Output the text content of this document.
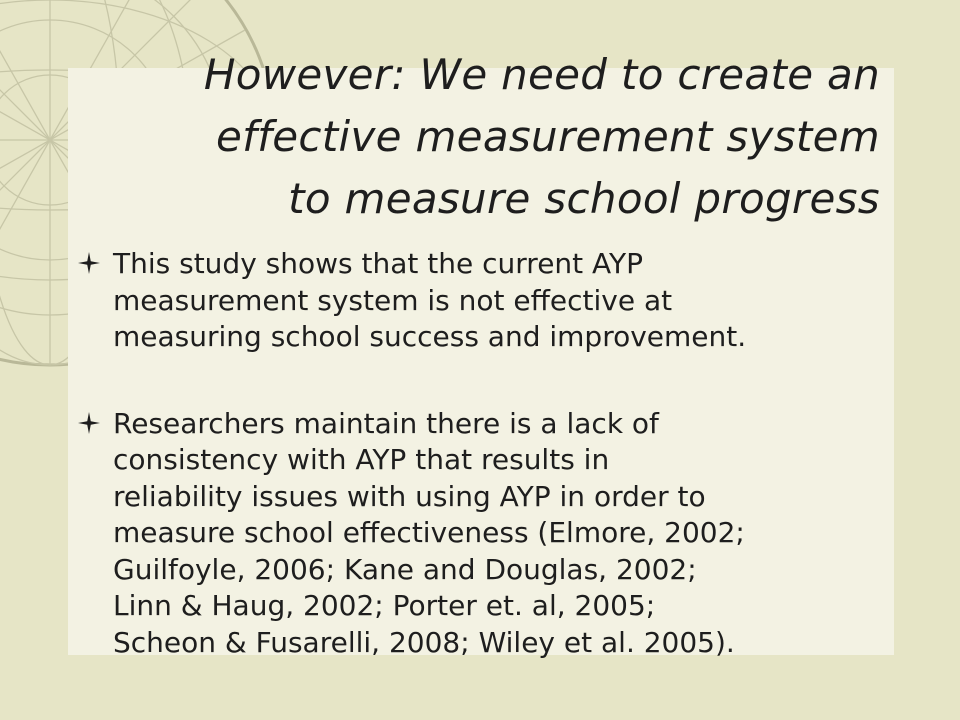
However: We need to create an
effective measurement system
to measure school progress
This study shows that the current AYP
measurement system is not effective at
measuring school success and improvement.
Researchers maintain there is a lack of
consistency with AYP that results in
reliability issues with using AYP in order to
measure school effectiveness (Elmore, 2002;
Guilfoyle, 2006; Kane and Douglas, 2002;
Linn & Haug, 2002; Porter et. al, 2005;
Scheon & Fusarelli, 2008; Wiley et al. 2005).
